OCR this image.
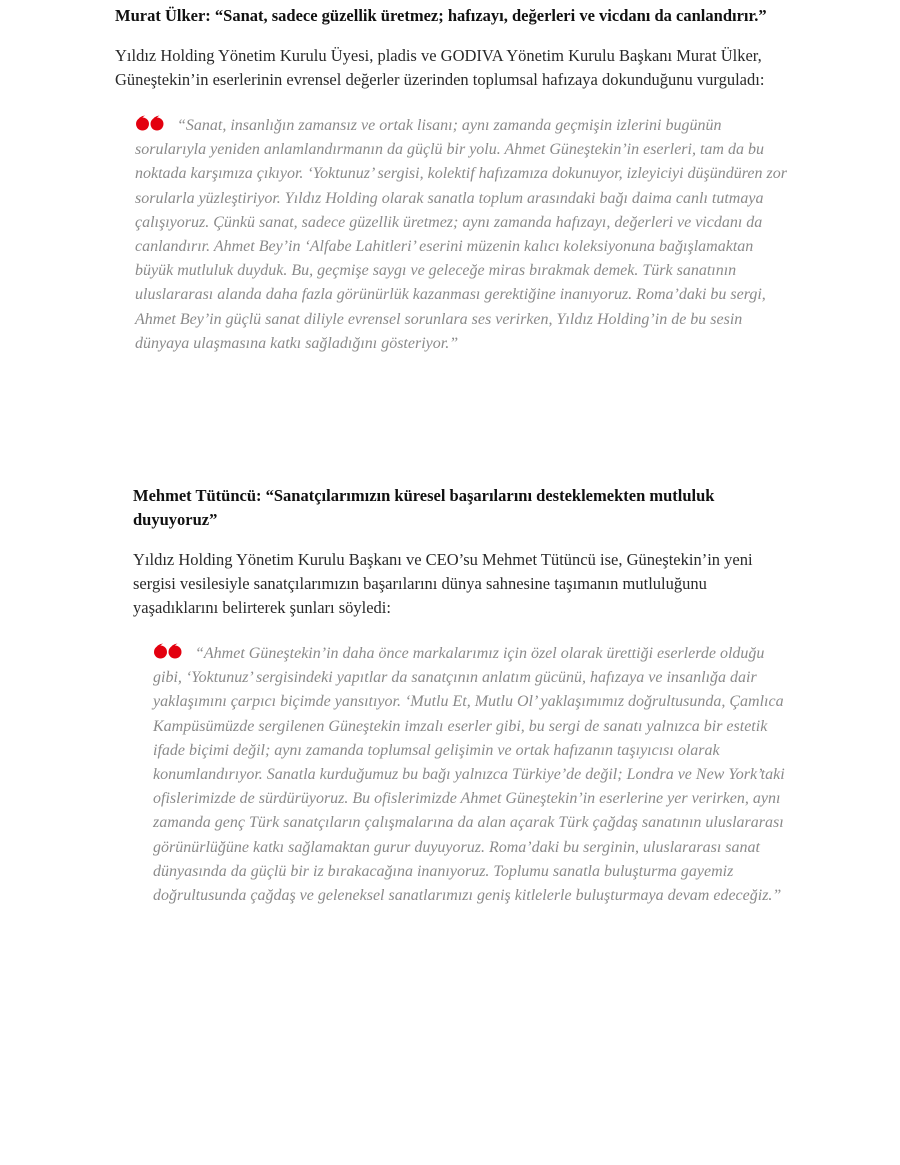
Murat Ülker: “Sanat, sadece güzellik üretmez; hafızayı, değerleri ve vicdanı da canlandırır.”

Yıldız Holding Yönetim Kurulu Üyesi, pladis ve GODIVA Yönetim Kurulu Başkanı Murat Ülker, Güneştekin’in eserlerinin evrensel değerler üzerinden toplumsal hafızaya dokunduğunu vurguladı:

“Sanat, insanlığın zamansız ve ortak lisanı; aynı zamanda geçmişin izlerini bugünün sorularıyla yeniden anlamlandırmanın da güçlü bir yolu. Ahmet Güneştekin’in eserleri, tam da bu noktada karşımıza çıkıyor. ‘Yoktunuz’ sergisi, kolektif hafızamıza dokunuyor, izleyiciyi düşündüren zor sorularla yüzleştiriyor. Yıldız Holding olarak sanatla toplum arasındaki bağı daima canlı tutmaya çalışıyoruz. Çünkü sanat, sadece güzellik üretmez; aynı zamanda hafızayı, değerleri ve vicdanı da canlandırır. Ahmet Bey’in ‘Alfabe Lahitleri’ eserini müzenin kalıcı koleksiyonuna bağışlamaktan büyük mutluluk duyduk. Bu, geçmişe saygı ve geleceğe miras bırakmak demek. Türk sanatının uluslararası alanda daha fazla görünürlük kazanması gerektiğine inanıyoruz. Roma’daki bu sergi, Ahmet Bey’in güçlü sanat diliyle evrensel sorunlara ses verirken, Yıldız Holding’in de bu sesin dünyaya ulaşmasına katkı sağladığını gösteriyor.”

Mehmet Tütüncü: “Sanatçılarımızın küresel başarılarını desteklemekten mutluluk duyuyoruz”

Yıldız Holding Yönetim Kurulu Başkanı ve CEO’su Mehmet Tütüncü ise, Güneştekin’in yeni sergisi vesilesiyle sanatçılarımızın başarılarını dünya sahnesine taşımanın mutluluğunu yaşadıklarını belirterek şunları söyledi:

“Ahmet Güneştekin’in daha önce markalarımız için özel olarak ürettiği eserlerde olduğu gibi, ‘Yoktunuz’ sergisindeki yapıtlar da sanatçının anlatım gücünü, hafızaya ve insanlığa dair yaklaşımını çarpıcı biçimde yansıtıyor. ‘Mutlu Et, Mutlu Ol’ yaklaşımımız doğrultusunda, Çamlıca Kampüsümüzde sergilenen Güneştekin imzalı eserler gibi, bu sergi de sanatı yalnızca bir estetik ifade biçimi değil; aynı zamanda toplumsal gelişimin ve ortak hafızanın taşıyıcısı olarak konumlandırıyor. Sanatla kurduğumuz bu bağı yalnızca Türkiye’de değil; Londra ve New York’taki ofislerimizde de sürdürüyoruz. Bu ofislerimizde Ahmet Güneştekin’in eserlerine yer verirken, aynı zamanda genç Türk sanatçıların çalışmalarına da alan açarak Türk çağdaş sanatının uluslararası görünürlüğüne katkı sağlamaktan gurur duyuyoruz. Roma’daki bu serginin, uluslararası sanat dünyasında da güçlü bir iz bırakacağına inanıyoruz. Toplumu sanatla buluşturma gayemiz doğrultusunda çağdaş ve geleneksel sanatlarımızı geniş kitlelerle buluşturmaya devam edeceğiz.”
